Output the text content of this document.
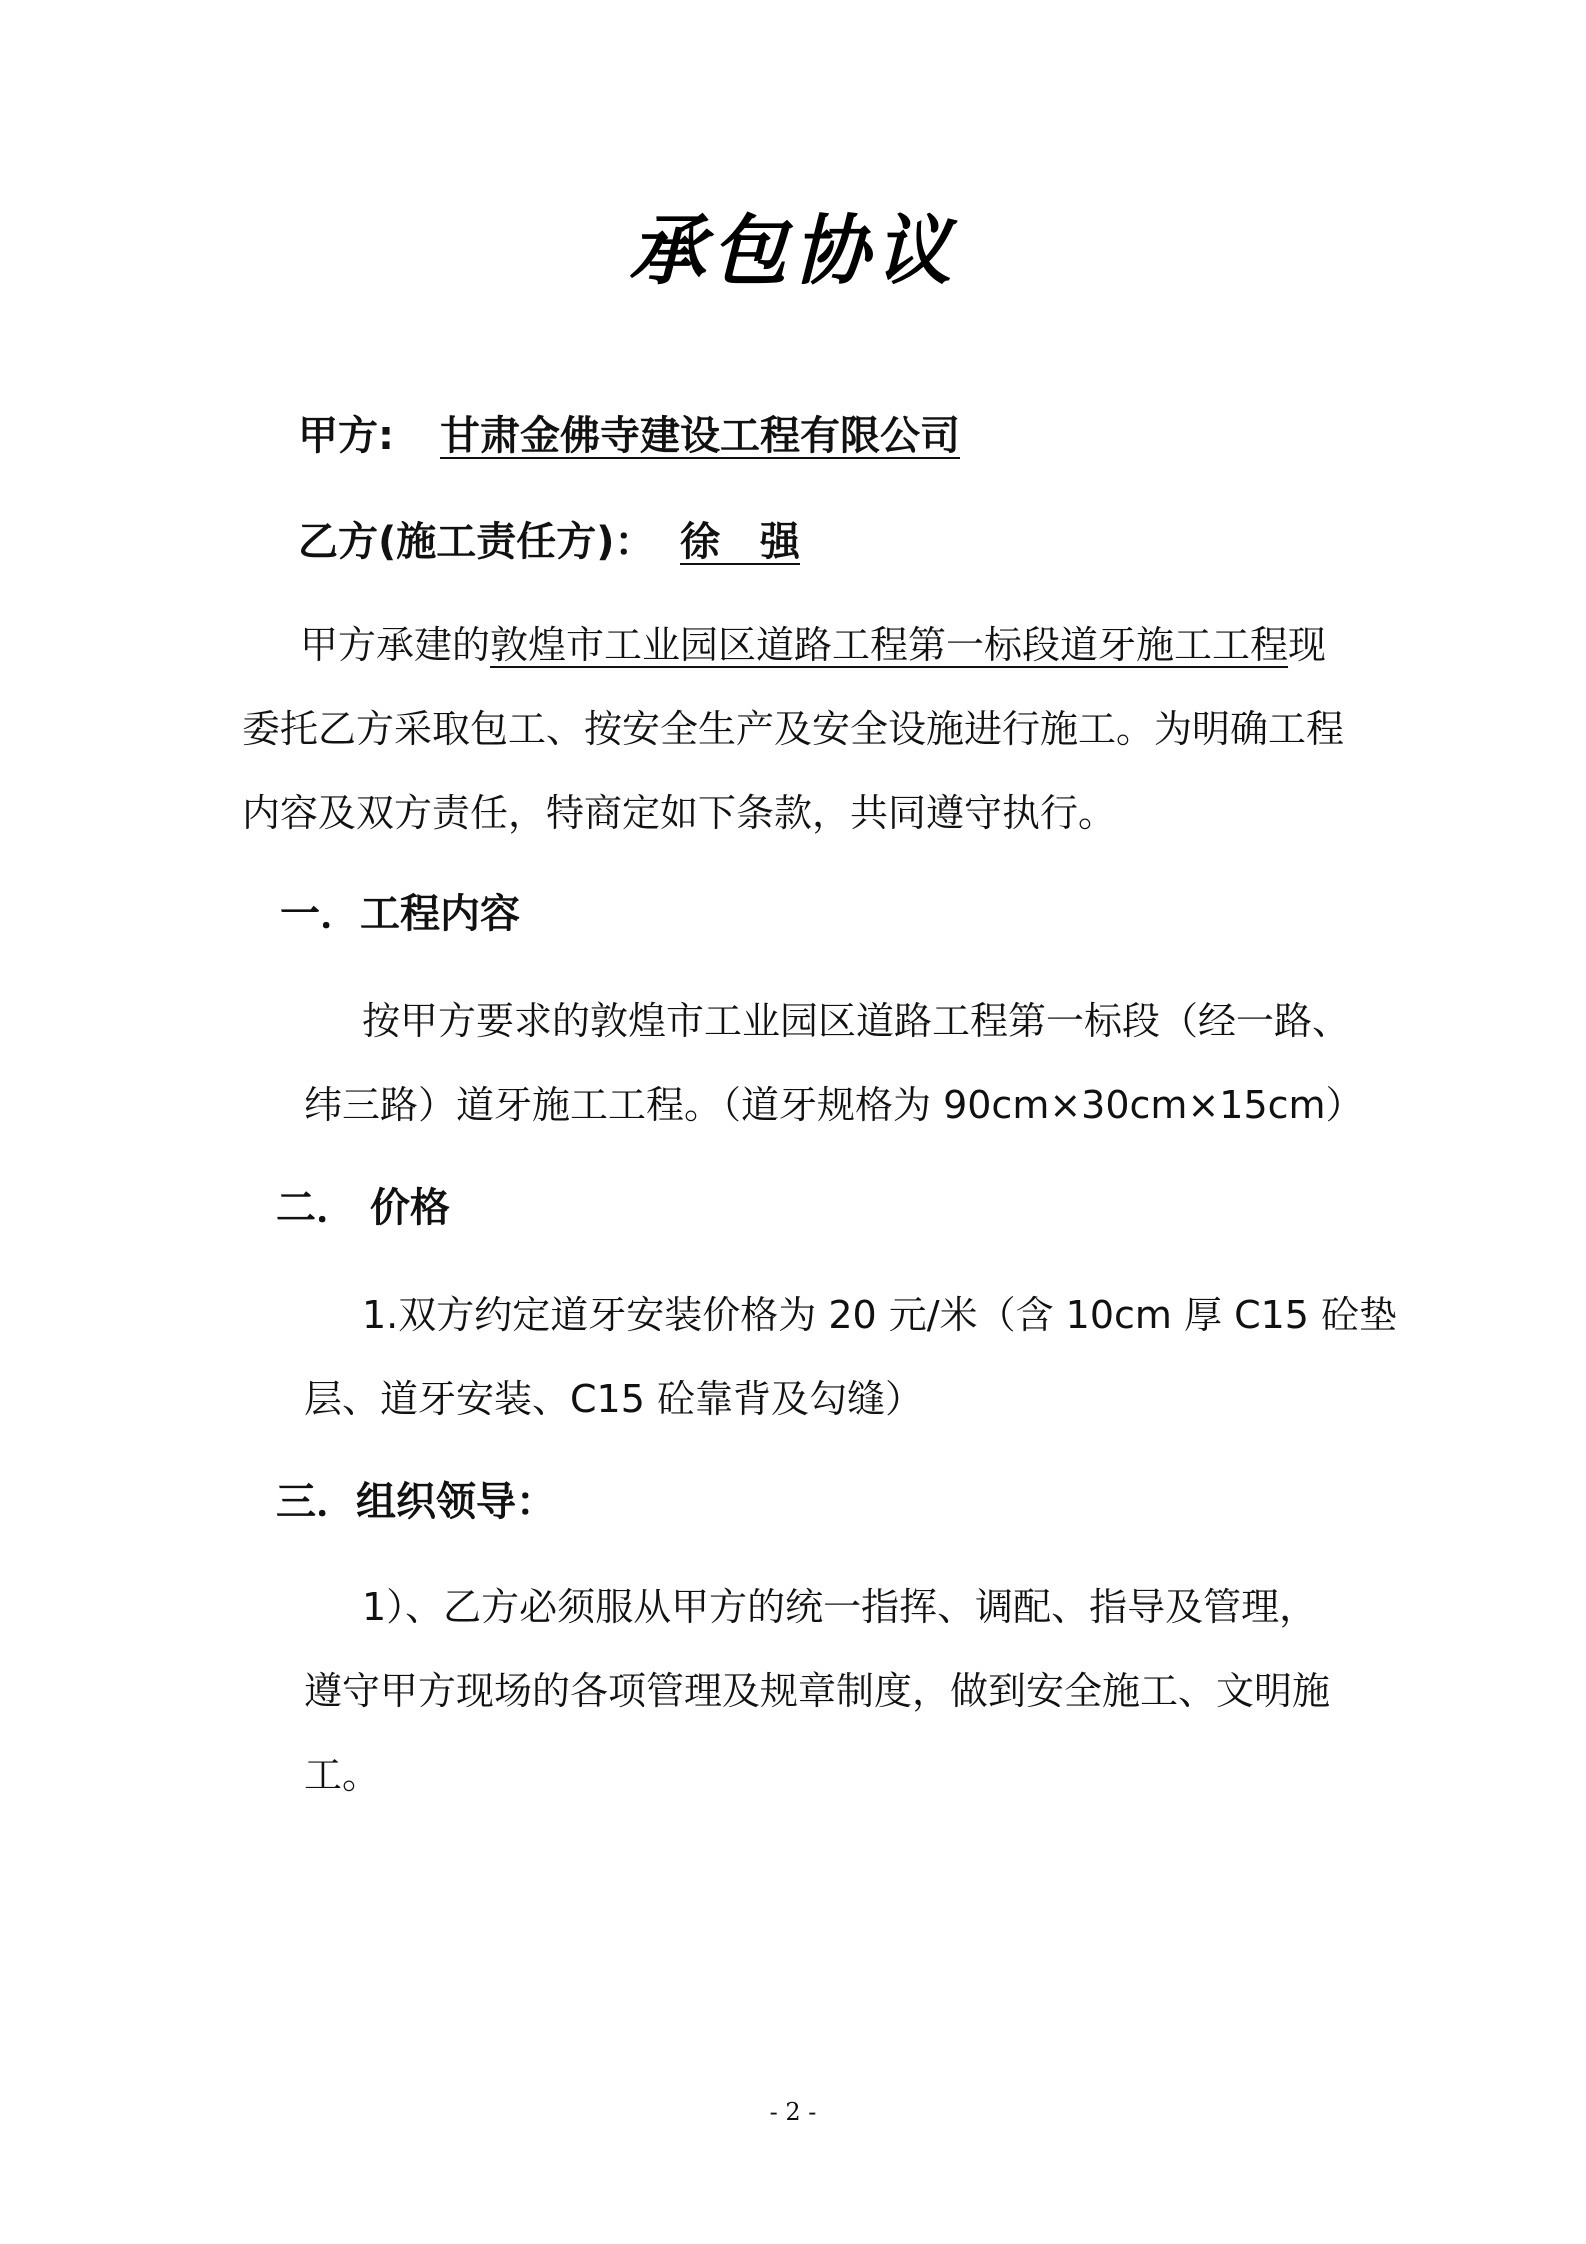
承包协议
甲方:	甘肃金佛寺建设工程有限公司
乙方(施工责任方)： 徐　强
甲方承建的敦煌市工业园区道路工程第一标段道牙施工工程现
委托乙方采取包工、按安全生产及安全设施进行施工。为明确工程
内容及双方责任，特商定如下条款，共同遵守执行。
一．工程内容
按甲方要求的敦煌市工业园区道路工程第一标段（经一路、
纬三路）道牙施工工程。（道牙规格为 90cm×30cm×15cm）
二． 价格
1.双方约定道牙安装价格为 20 元/米（含 10cm 厚 C15 砼垫
层、道牙安装、C15 砼靠背及勾缝）
三．组织领导：
1）、乙方必须服从甲方的统一指挥、调配、指导及管理，
遵守甲方现场的各项管理及规章制度，做到安全施工、文明施
工。
- 2 -
